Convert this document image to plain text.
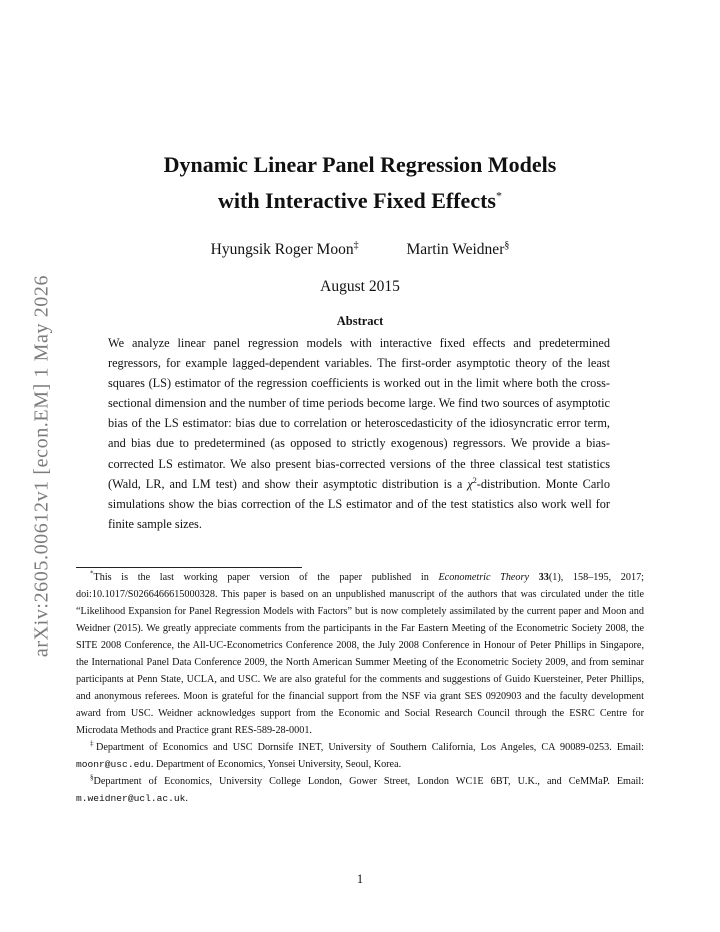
arXiv:2605.00612v1 [econ.EM] 1 May 2026
Dynamic Linear Panel Regression Models
with Interactive Fixed Effects*
Hyungsik Roger Moon‡	Martin Weidner§
August 2015
Abstract
We analyze linear panel regression models with interactive fixed effects and predetermined regressors, for example lagged-dependent variables. The first-order asymptotic theory of the least squares (LS) estimator of the regression coefficients is worked out in the limit where both the cross-sectional dimension and the number of time periods become large. We find two sources of asymptotic bias of the LS estimator: bias due to correlation or heteroscedasticity of the idiosyncratic error term, and bias due to predetermined (as opposed to strictly exogenous) regressors. We provide a bias-corrected LS estimator. We also present bias-corrected versions of the three classical test statistics (Wald, LR, and LM test) and show their asymptotic distribution is a $\chi^2$-distribution. Monte Carlo simulations show the bias correction of the LS estimator and of the test statistics also work well for finite sample sizes.

*This is the last working paper version of the paper published in Econometric Theory 33(1), 158–195, 2017; doi:10.1017/S0266466615000328. This paper is based on an unpublished manuscript of the authors that was circulated under the title “Likelihood Expansion for Panel Regression Models with Factors” but is now completely assimilated by the current paper and Moon and Weidner (2015). We greatly appreciate comments from the participants in the Far Eastern Meeting of the Econometric Society 2008, the SITE 2008 Conference, the All-UC-Econometrics Conference 2008, the July 2008 Conference in Honour of Peter Phillips in Singapore, the International Panel Data Conference 2009, the North American Summer Meeting of the Econometric Society 2009, and from seminar participants at Penn State, UCLA, and USC. We are also grateful for the comments and suggestions of Guido Kuersteiner, Peter Phillips, and anonymous referees. Moon is grateful for the financial support from the NSF via grant SES 0920903 and the faculty development award from USC. Weidner acknowledges support from the Economic and Social Research Council through the ESRC Centre for Microdata Methods and Practice grant RES-589-28-0001.

‡Department of Economics and USC Dornsife INET, University of Southern California, Los Angeles, CA 90089-0253. Email: moonr@usc.edu. Department of Economics, Yonsei University, Seoul, Korea.

§Department of Economics, University College London, Gower Street, London WC1E 6BT, U.K., and CeMMaP. Email: m.weidner@ucl.ac.uk.

1
